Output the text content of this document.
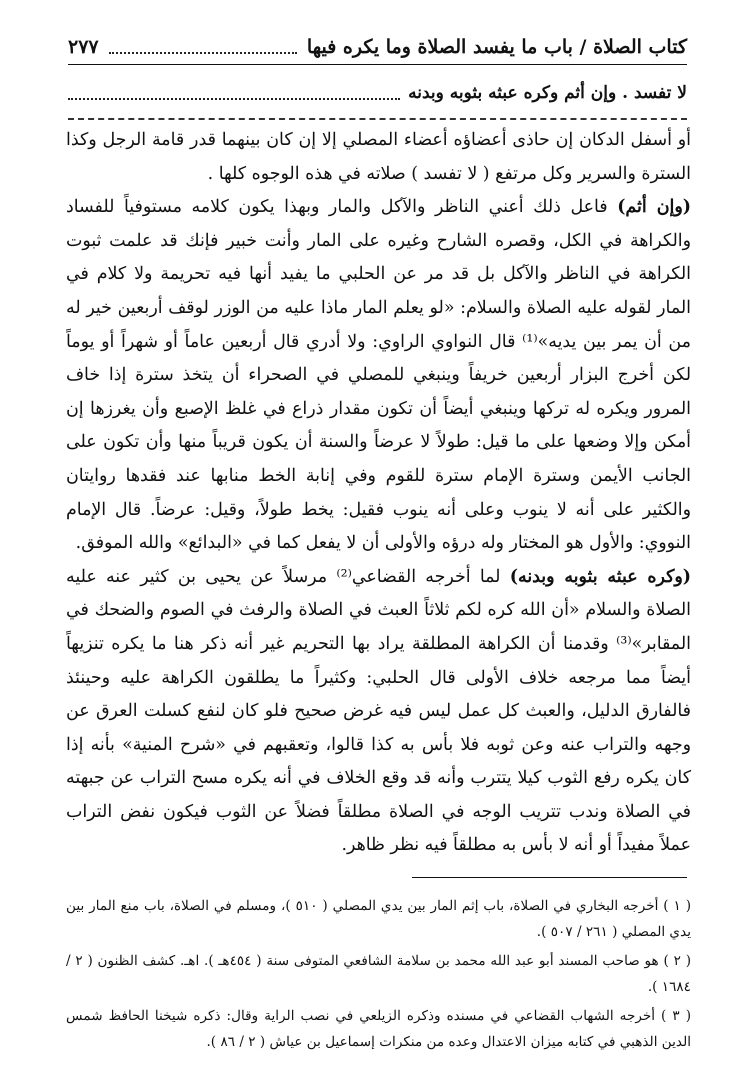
كتاب الصلاة / باب ما يفسد الصلاة وما يكره فيها
٢٧٧
لا تفسد . وإن أثم وكره عبثه بثوبه وبدنه

أو أسفل الدكان إن حاذى أعضاؤه أعضاء المصلي إلا إن كان بينهما قدر قامة الرجل وكذا السترة والسرير وكل مرتفع ( لا تفسد ) صلاته في هذه الوجوه كلها .

(وإن أثم) فاعل ذلك أعني الناظر والآكل والمار وبهذا يكون كلامه مستوفياً للفساد والكراهة في الكل، وقصره الشارح وغيره على المار وأنت خبير فإنك قد علمت ثبوت الكراهة في الناظر والآكل بل قد مر عن الحلبي ما يفيد أنها فيه تحريمة ولا كلام في المار لقوله عليه الصلاة والسلام: «لو يعلم المار ماذا عليه من الوزر لوقف أربعين خير له من أن يمر بين يديه»⁽¹⁾ قال النواوي الراوي: ولا أدري قال أربعين عاماً أو شهراً أو يوماً لكن أخرج البزار أربعين خريفاً وينبغي للمصلي في الصحراء أن يتخذ سترة إذا خاف المرور ويكره له تركها وينبغي أيضاً أن تكون مقدار ذراع في غلظ الإصبع وأن يغرزها إن أمكن وإلا وضعها على ما قيل: طولاً لا عرضاً والسنة أن يكون قريباً منها وأن تكون على الجانب الأيمن وسترة الإمام سترة للقوم وفي إنابة الخط منابها عند فقدها روايتان والكثير على أنه لا ينوب وعلى أنه ينوب فقيل: يخط طولاً، وقيل: عرضاً. قال الإمام النووي: والأول هو المختار وله درؤه والأولى أن لا يفعل كما في «البدائع» والله الموفق.

(وكره عبثه بثوبه وبدنه) لما أخرجه القضاعي⁽²⁾ مرسلاً عن يحيى بن كثير عنه عليه الصلاة والسلام «أن الله كره لكم ثلاثاً العبث في الصلاة والرفث في الصوم والضحك في المقابر»⁽³⁾ وقدمنا أن الكراهة المطلقة يراد بها التحريم غير أنه ذكر هنا ما يكره تنزيهاً أيضاً مما مرجعه خلاف الأولى قال الحلبي: وكثيراً ما يطلقون الكراهة عليه وحينئذ فالفارق الدليل، والعبث كل عمل ليس فيه غرض صحيح فلو كان لنفع كسلت العرق عن وجهه والتراب عنه وعن ثوبه فلا بأس به كذا قالوا، وتعقبهم في «شرح المنية» بأنه إذا كان يكره رفع الثوب كيلا يتترب وأنه قد وقع الخلاف في أنه يكره مسح التراب عن جبهته في الصلاة وندب تتريب الوجه في الصلاة مطلقاً فضلاً عن الثوب فيكون نفض التراب عملاً مفيداً أو أنه لا بأس به مطلقاً فيه نظر ظاهر.

( ١ ) أخرجه البخاري في الصلاة، باب إثم المار بين يدي المصلي ( ٥١٠ )، ومسلم في الصلاة، باب منع المار بين يدي المصلي ( ٢٦١ / ٥٠٧ ).

( ٢ ) هو صاحب المسند أبو عبد الله محمد بن سلامة الشافعي المتوفى سنة ( ٤٥٤هـ ). اهـ. كشف الظنون ( ٢ / ١٦٨٤ ).

( ٣ ) أخرجه الشهاب القضاعي في مسنده وذكره الزيلعي في نصب الراية وقال: ذكره شيخنا الحافظ شمس الدين الذهبي في كتابه ميزان الاعتدال وعده من منكرات إسماعيل بن عياش ( ٢ / ٨٦ ).
